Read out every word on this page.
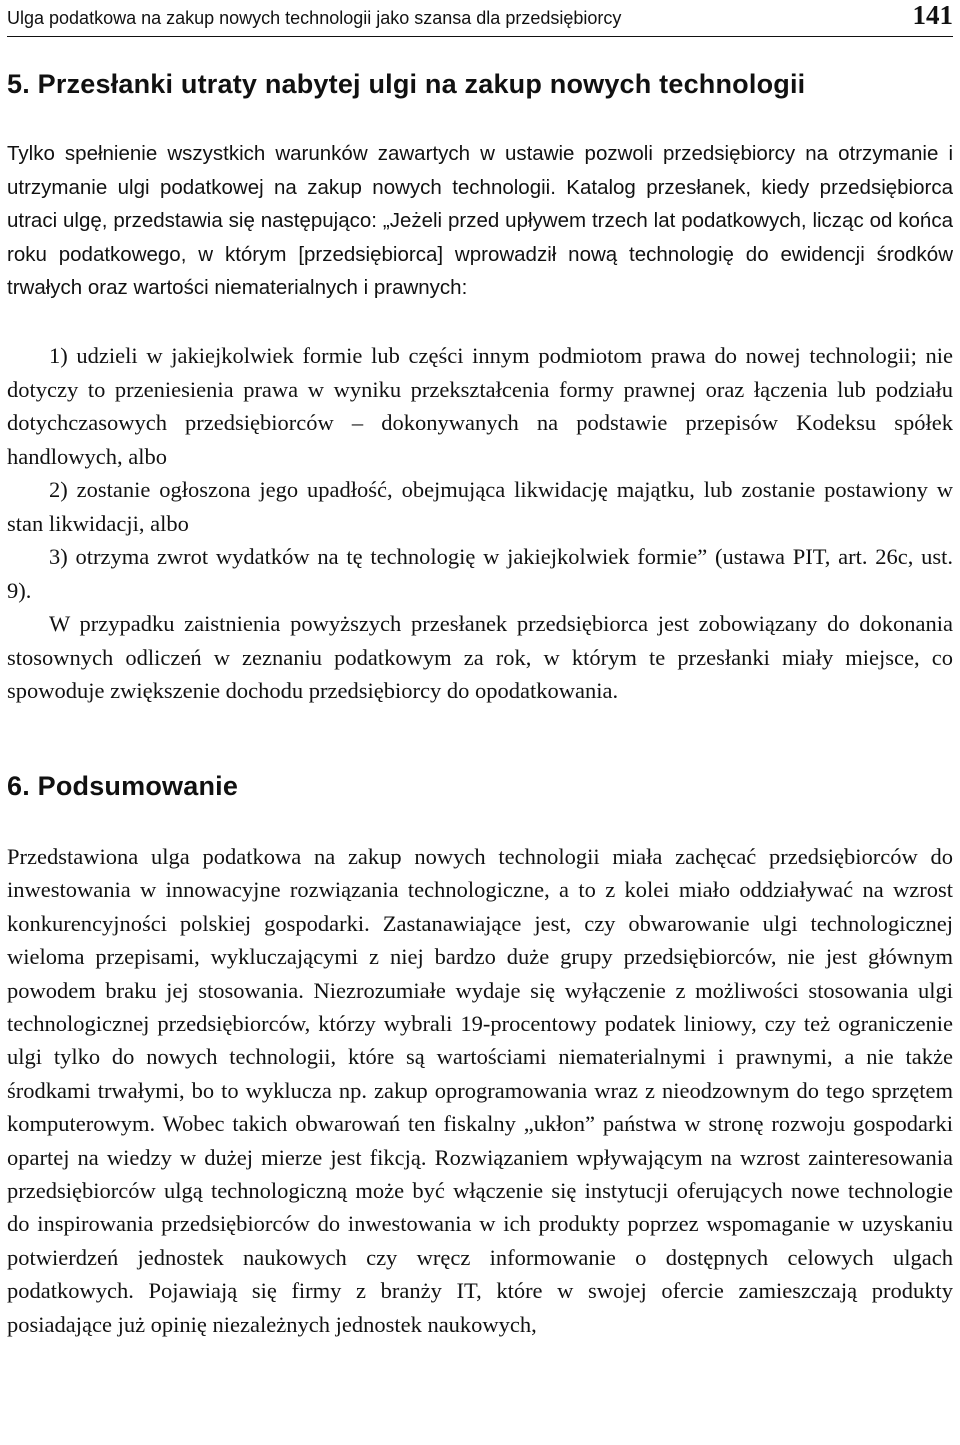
Ulga podatkowa na zakup nowych technologii jako szansa dla przedsiębiorcy	141
5. Przesłanki utraty nabytej ulgi na zakup nowych technologii

Tylko spełnienie wszystkich warunków zawartych w ustawie pozwoli przedsiębiorcy na otrzymanie i utrzymanie ulgi podatkowej na zakup nowych technologii. Katalog przesłanek, kiedy przedsiębiorca utraci ulgę, przedstawia się następująco: „Jeżeli przed upływem trzech lat podatkowych, licząc od końca roku podatkowego, w którym [przedsiębiorca] wprowadził nową technologię do ewidencji środków trwałych oraz wartości niematerialnych i prawnych:

1) udzieli w jakiejkolwiek formie lub części innym podmiotom prawa do nowej technologii; nie dotyczy to przeniesienia prawa w wyniku przekształcenia formy prawnej oraz łączenia lub podziału dotychczasowych przedsiębiorców – dokonywanych na podstawie przepisów Kodeksu spółek handlowych, albo

2) zostanie ogłoszona jego upadłość, obejmująca likwidację majątku, lub zostanie postawiony w stan likwidacji, albo

3) otrzyma zwrot wydatków na tę technologię w jakiejkolwiek formie” (ustawa PIT, art. 26c, ust. 9).

W przypadku zaistnienia powyższych przesłanek przedsiębiorca jest zobowiązany do dokonania stosownych odliczeń w zeznaniu podatkowym za rok, w którym te przesłanki miały miejsce, co spowoduje zwiększenie dochodu przedsiębiorcy do opodatkowania.

6. Podsumowanie

Przedstawiona ulga podatkowa na zakup nowych technologii miała zachęcać przedsiębiorców do inwestowania w innowacyjne rozwiązania technologiczne, a to z kolei miało oddziaływać na wzrost konkurencyjności polskiej gospodarki. Zastanawiające jest, czy obwarowanie ulgi technologicznej wieloma przepisami, wykluczającymi z niej bardzo duże grupy przedsiębiorców, nie jest głównym powodem braku jej stosowania. Niezrozumiałe wydaje się wyłączenie z możliwości stosowania ulgi technologicznej przedsiębiorców, którzy wybrali 19-procentowy podatek liniowy, czy też ograniczenie ulgi tylko do nowych technologii, które są wartościami niematerialnymi i prawnymi, a nie także środkami trwałymi, bo to wyklucza np. zakup oprogramowania wraz z nieodzownym do tego sprzętem komputerowym. Wobec takich obwarowań ten fiskalny „ukłon” państwa w stronę rozwoju gospodarki opartej na wiedzy w dużej mierze jest fikcją. Rozwiązaniem wpływającym na wzrost zainteresowania przedsiębiorców ulgą technologiczną może być włączenie się instytucji oferujących nowe technologie do inspirowania przedsiębiorców do inwestowania w ich produkty poprzez wspomaganie w uzyskaniu potwierdzeń jednostek naukowych czy wręcz informowanie o dostępnych celowych ulgach podatkowych. Pojawiają się firmy z branży IT, które w swojej ofercie zamieszczają produkty posiadające już opinię niezależnych jednostek naukowych,
